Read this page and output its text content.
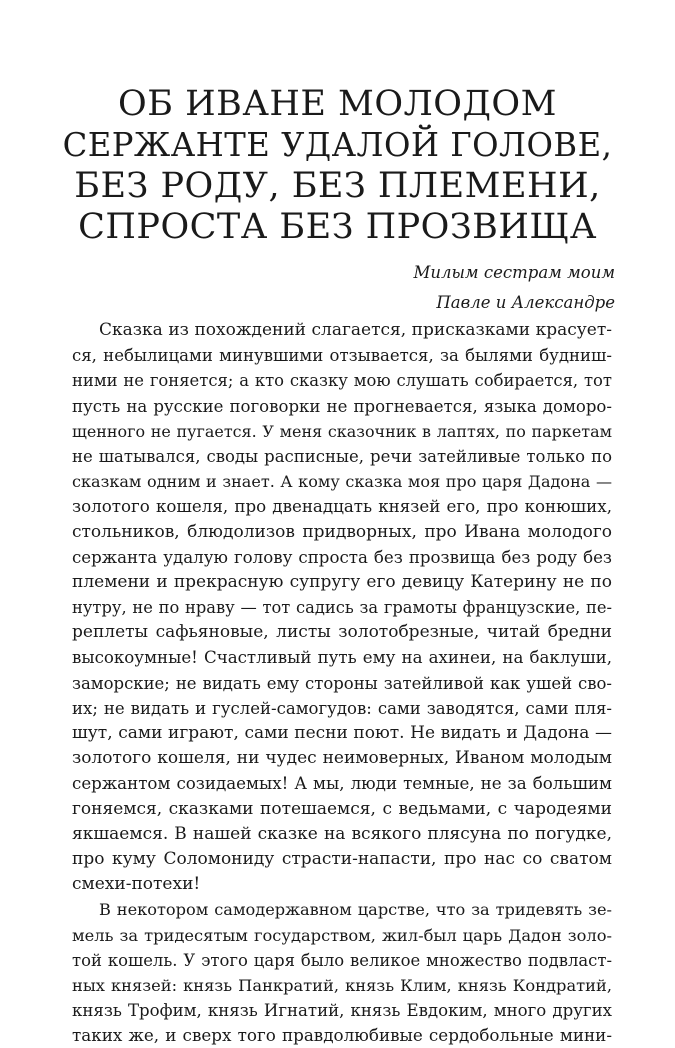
ОБ ИВАНЕ МОЛОДОМ
СЕРЖАНТЕ УДАЛОЙ ГОЛОВЕ,
БЕЗ РОДУ, БЕЗ ПЛЕМЕНИ,
СПРОСТА БЕЗ ПРОЗВИЩА
Милым сестрам моим
Павле и Александре
Сказка из похождений слагается, присказками красует-
ся, небылицами минувшими отзывается, за былями будниш-
ними не гоняется; а кто сказку мою слушать собирается, тот
пусть на русские поговорки не прогневается, языка доморо-
щенного не пугается. У меня сказочник в лаптях, по паркетам
не шатывался, своды расписные, речи затейливые только по
сказкам одним и знает. А кому сказка моя про царя Дадона —
золотого кошеля, про двенадцать князей его, про конюших,
стольников, блюдолизов придворных, про Ивана молодого
сержанта удалую голову спроста без прозвища без роду без
племени и прекрасную супругу его девицу Катерину не по
нутру, не по нраву — тот садись за грамоты французские, пе-
реплеты сафьяновые, листы золотобрезные, читай бредни
высокоумные! Счастливый путь ему на ахинеи, на баклуши,
заморские; не видать ему стороны затейливой как ушей сво-
их; не видать и гуслей-самогудов: сами заводятся, сами пля-
шут, сами играют, сами песни поют. Не видать и Дадона —
золотого кошеля, ни чудес неимоверных, Иваном молодым
сержантом созидаемых! А мы, люди темные, не за большим
гоняемся, сказками потешаемся, с ведьмами, с чародеями
якшаемся. В нашей сказке на всякого плясуна по погудке,
про куму Соломониду страсти-напасти, про нас со сватом
смехи-потехи!
В некотором самодержавном царстве, что за тридевять зе-
мель за тридесятым государством, жил-был царь Дадон золо-
той кошель. У этого царя было великое множество подвласт-
ных князей: князь Панкратий, князь Клим, князь Кондратий,
князь Трофим, князь Игнатий, князь Евдоким, много других
таких же, и сверх того правдолюбивые сердобольные мини-
